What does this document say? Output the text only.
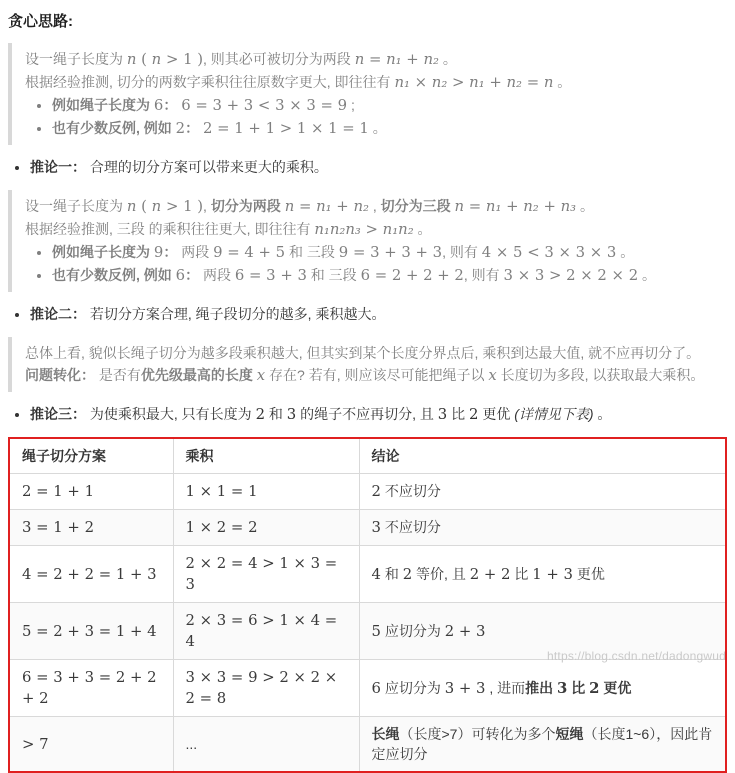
贪心思路:

设一绳子长度为 n ( n > 1 ), 则其必可被切分为两段 n = n₁ + n₂ 。

根据经验推测, 切分的两数字乘积往往原数字更大, 即往往有 n₁ × n₂ > n₁ + n₂ = n 。

• 例如绳子长度为 6： 6 = 3 + 3 < 3 × 3 = 9 ;
• 也有少数反例, 例如 2： 2 = 1 + 1 > 1 × 1 = 1 。
• 推论一： 合理的切分方案可以带来更大的乘积。

设一绳子长度为 n ( n > 1 ), 切分为两段 n = n₁ + n₂ , 切分为三段 n = n₁ + n₂ + n₃ 。

根据经验推测, 三段 的乘积往往更大, 即往往有 n₁n₂n₃ > n₁n₂ 。

• 例如绳子长度为 9： 两段 9 = 4 + 5 和 三段 9 = 3 + 3 + 3, 则有 4 × 5 < 3 × 3 × 3 。
• 也有少数反例, 例如 6： 两段 6 = 3 + 3 和 三段 6 = 2 + 2 + 2, 则有 3 × 3 > 2 × 2 × 2 。
• 推论二： 若切分方案合理, 绳子段切分的越多, 乘积越大。

总体上看, 貌似长绳子切分为越多段乘积越大, 但其实到某个长度分界点后, 乘积到达最大值, 就不应再切分了。

问题转化： 是否有优先级最高的长度 x 存在? 若有, 则应该尽可能把绳子以 x 长度切为多段, 以获取最大乘积。

• 推论三： 为使乘积最大, 只有长度为 2 和 3 的绳子不应再切分, 且 3 比 2 更优 (详情见下表) 。
绳子切分方案	乘积	结论
2 = 1 + 1	1 × 1 = 1	2 不应切分
3 = 1 + 2	1 × 2 = 2	3 不应切分
4 = 2 + 2 = 1 + 3	2 × 2 = 4 > 1 × 3 = 3	4 和 2 等价, 且 2 + 2 比 1 + 3 更优
5 = 2 + 3 = 1 + 4	2 × 3 = 6 > 1 × 4 = 4	5 应切分为 2 + 3
6 = 3 + 3 = 2 + 2 + 2	3 × 3 = 9 > 2 × 2 × 2 = 8	6 应切分为 3 + 3 , 进而推出 3 比 2 更优
> 7	...	长绳（长度>7）可转化为多个短绳（长度1~6），因此肯定应切分
https://blog.csdn.net/dadongwud
